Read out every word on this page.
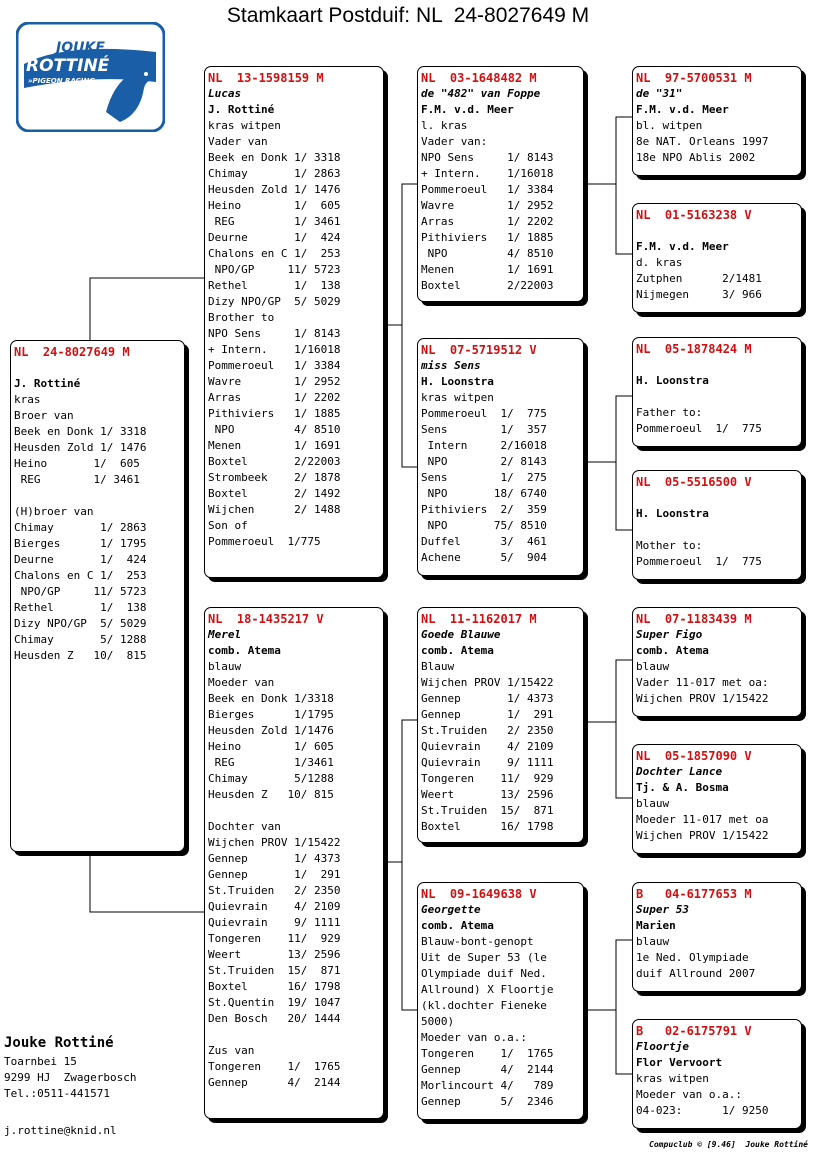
Stamkaart Postduif: NL  24-8027649 M
JOUKE
ROTTINÉ
»PIGEON RACING«
NL  24-8027649 M
J. Rottiné
kras
Broer van
Beek en Donk 1/ 3318
Heusden Zold 1/ 1476
Heino       1/  605
REG        1/ 3461
(H)broer van
Chimay       1/ 2863
Bierges      1/ 1795
Deurne       1/  424
Chalons en C 1/  253
NPO/GP     11/ 5723
Rethel       1/  138
Dizy NPO/GP  5/ 5029
Chimay       5/ 1288
Heusden Z   10/  815
NL  13-1598159 M
Lucas
J. Rottiné
kras witpen
Vader van
Beek en Donk 1/ 3318
Chimay       1/ 2863
Heusden Zold 1/ 1476
Heino        1/  605
REG         1/ 3461
Deurne       1/  424
Chalons en C 1/  253
NPO/GP     11/ 5723
Rethel       1/  138
Dizy NPO/GP  5/ 5029
Brother to
NPO Sens     1/ 8143
+ Intern.    1/16018
Pommeroeul   1/ 3384
Wavre        1/ 2952
Arras        1/ 2202
Pithiviers   1/ 1885
NPO         4/ 8510
Menen        1/ 1691
Boxtel       2/22003
Strombeek    2/ 1878
Boxtel       2/ 1492
Wijchen      2/ 1488
Son of
Pommeroeul  1/775
NL  18-1435217 V
Merel
comb. Atema
blauw
Moeder van
Beek en Donk 1/3318
Bierges      1/1795
Heusden Zold 1/1476
Heino        1/ 605
REG         1/3461
Chimay       5/1288
Heusden Z   10/ 815
Dochter van
Wijchen PROV 1/15422
Gennep       1/ 4373
Gennep       1/  291
St.Truiden   2/ 2350
Quievrain    4/ 2109
Quievrain    9/ 1111
Tongeren    11/  929
Weert       13/ 2596
St.Truiden  15/  871
Boxtel      16/ 1798
St.Quentin  19/ 1047
Den Bosch   20/ 1444
Zus van
Tongeren    1/  1765
Gennep      4/  2144
NL  03-1648482 M
de "482" van Foppe
F.M. v.d. Meer
l. kras
Vader van:
NPO Sens     1/ 8143
+ Intern.    1/16018
Pommeroeul   1/ 3384
Wavre        1/ 2952
Arras        1/ 2202
Pithiviers   1/ 1885
NPO         4/ 8510
Menen        1/ 1691
Boxtel       2/22003
NL  07-5719512 V
miss Sens
H. Loonstra
kras witpen
Pommeroeul  1/  775
Sens        1/  357
Intern     2/16018
NPO        2/ 8143
Sens        1/  275
NPO       18/ 6740
Pithiviers  2/  359
NPO       75/ 8510
Duffel      3/  461
Achene      5/  904
NL  11-1162017 M
Goede Blauwe
comb. Atema
Blauw
Wijchen PROV 1/15422
Gennep       1/ 4373
Gennep       1/  291
St.Truiden   2/ 2350
Quievrain    4/ 2109
Quievrain    9/ 1111
Tongeren    11/  929
Weert       13/ 2596
St.Truiden  15/  871
Boxtel      16/ 1798
NL  09-1649638 V
Georgette
comb. Atema
Blauw-bont-genopt
Uit de Super 53 (le
Olympiade duif Ned.
Allround) X Floortje
(kl.dochter Fieneke
5000)
Moeder van o.a.:
Tongeren    1/  1765
Gennep      4/  2144
Morlincourt 4/   789
Gennep      5/  2346
NL  97-5700531 M
de "31"
F.M. v.d. Meer
bl. witpen
8e NAT. Orleans 1997
18e NPO Ablis 2002
NL  01-5163238 V
F.M. v.d. Meer
d. kras
Zutphen      2/1481
Nijmegen     3/ 966
NL  05-1878424 M
H. Loonstra
Father to:
Pommeroeul  1/  775
NL  05-5516500 V
H. Loonstra
Mother to:
Pommeroeul  1/  775
NL  07-1183439 M
Super Figo
comb. Atema
blauw
Vader 11-017 met oa:
Wijchen PROV 1/15422
NL  05-1857090 V
Dochter Lance
Tj. & A. Bosma
blauw
Moeder 11-017 met oa
Wijchen PROV 1/15422
B   04-6177653 M
Super 53
Marien
blauw
1e Ned. Olympiade
duif Allround 2007
B   02-6175791 V
Floortje
Flor Vervoort
kras witpen
Moeder van o.a.:
04-023:      1/ 9250
Jouke Rottiné
Toarnbei 15
9299 HJ  Zwagerbosch
Tel.:0511-441571
j.rottine@knid.nl
Compuclub © [9.46]  Jouke Rottiné
